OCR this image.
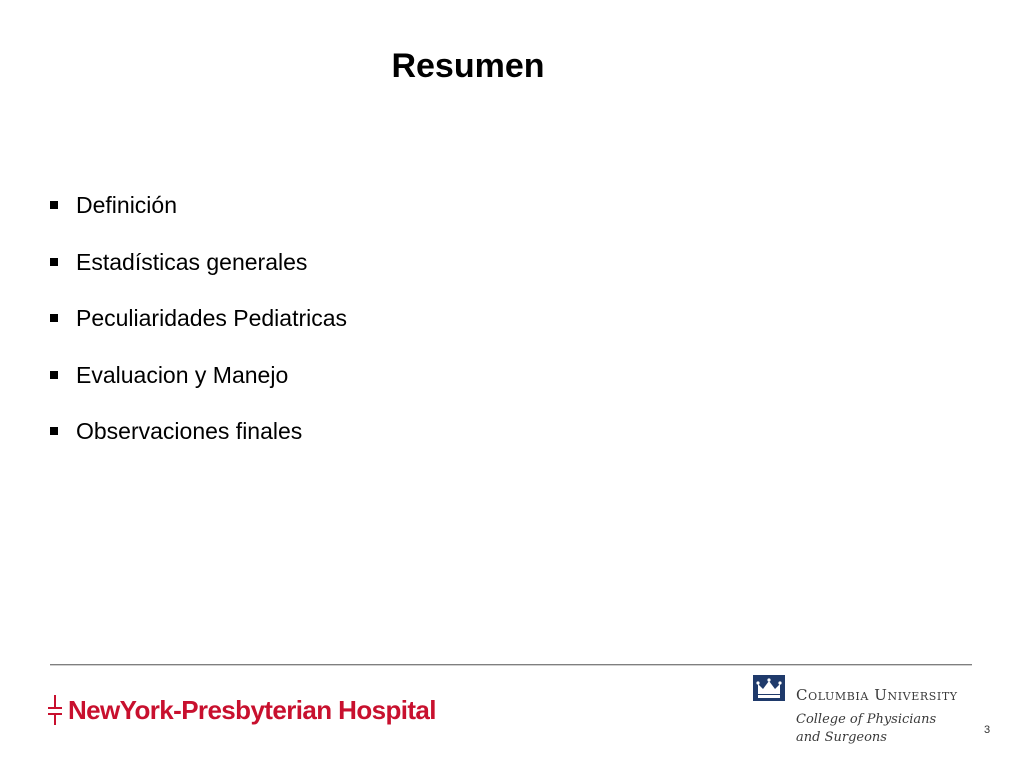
Resumen
Definición
Estadísticas generales
Peculiaridades Pediatricas
Evaluacion y Manejo
Observaciones finales
NewYork-Presbyterian Hospital	Columbia University
College of Physicians
and Surgeons	3
